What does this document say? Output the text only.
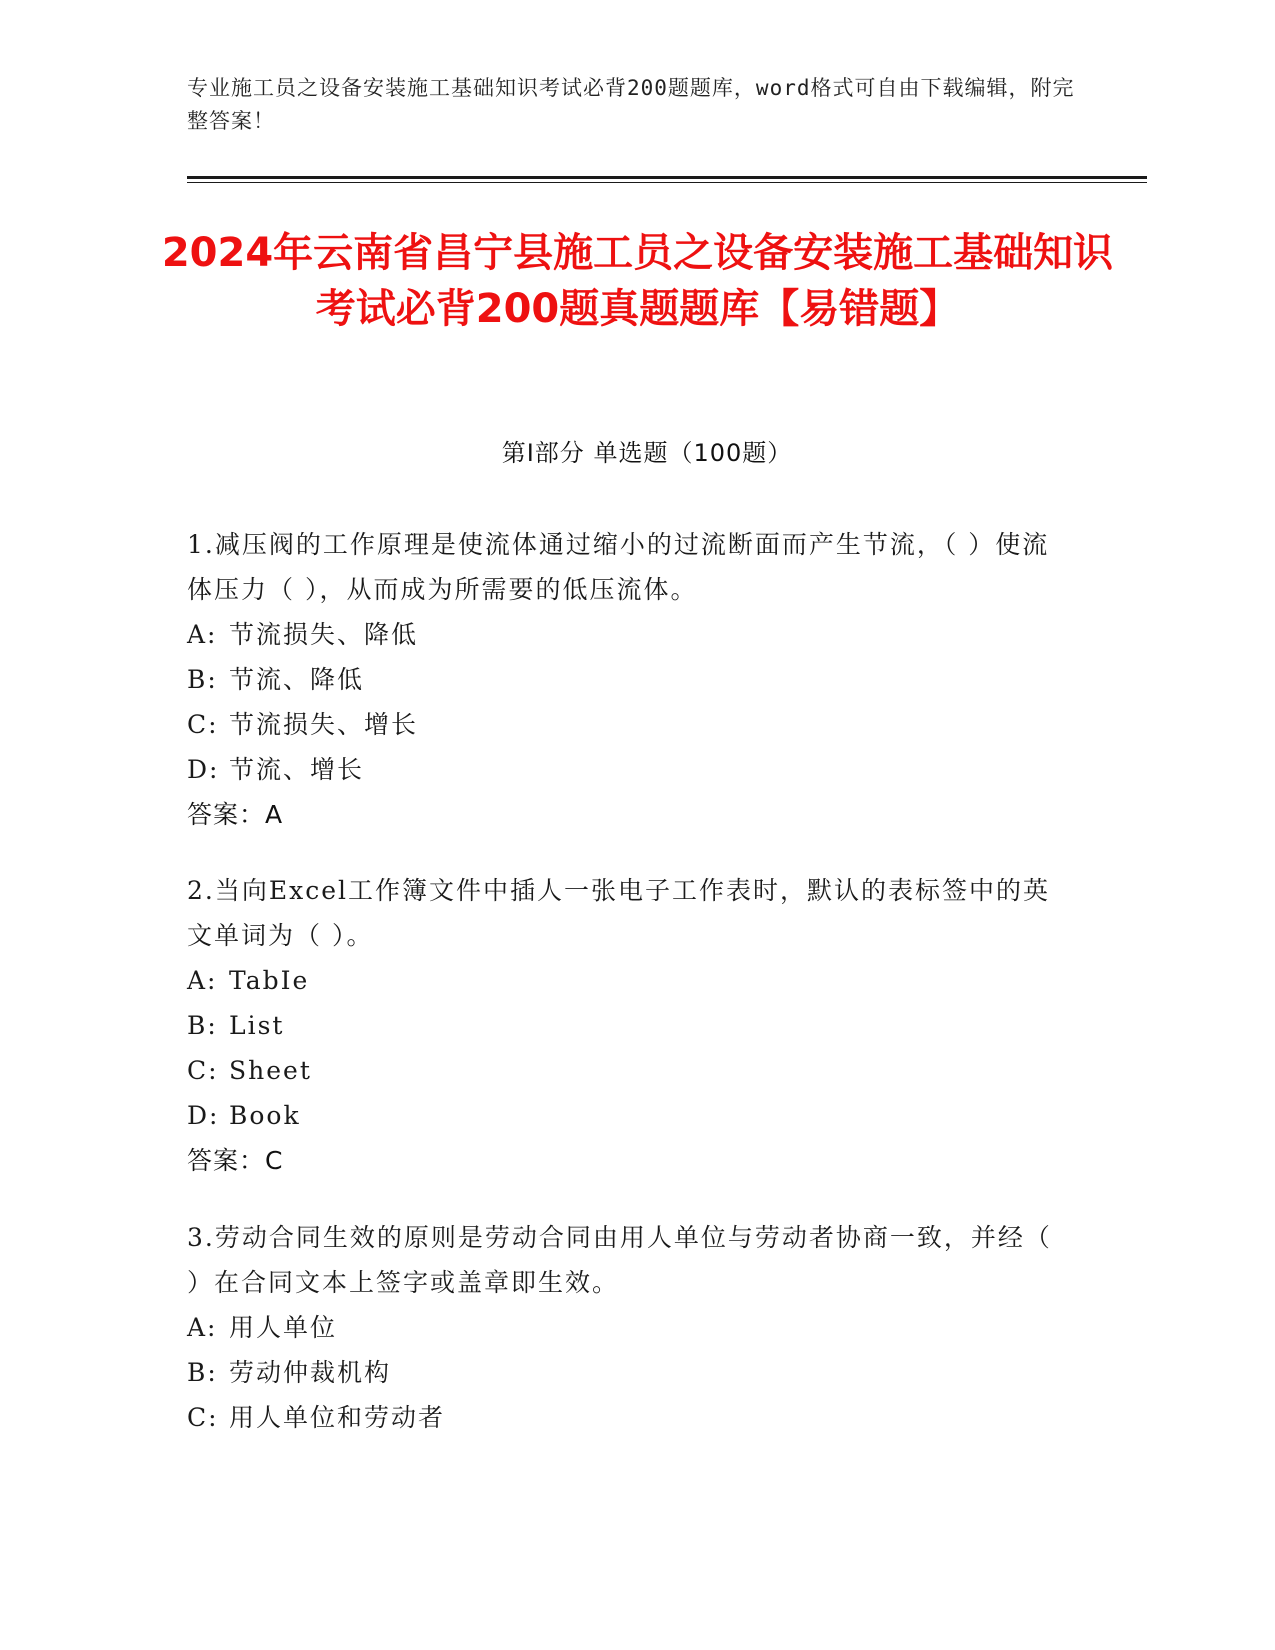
专业施工员之设备安装施工基础知识考试必背200题题库，word格式可自由下载编辑，附完整答案！
2024年云南省昌宁县施工员之设备安装施工基础知识考试必背200题真题题库【易错题】
第Ⅰ部分 单选题（100题）
1.减压阀的工作原理是使流体通过缩小的过流断面而产生节流，（ ）使流体压力（ ），从而成为所需要的低压流体。
A: 节流损失、降低
B: 节流、降低
C: 节流损失、增长
D: 节流、增长
答案：A
2.当向Excel工作簿文件中插人一张电子工作表时，默认的表标签中的英文单词为（ ）。
A: TabIe
B: List
C: Sheet
D: Book
答案：C
3.劳动合同生效的原则是劳动合同由用人单位与劳动者协商一致，并经（ ）在合同文本上签字或盖章即生效。
A: 用人单位
B: 劳动仲裁机构
C: 用人单位和劳动者
